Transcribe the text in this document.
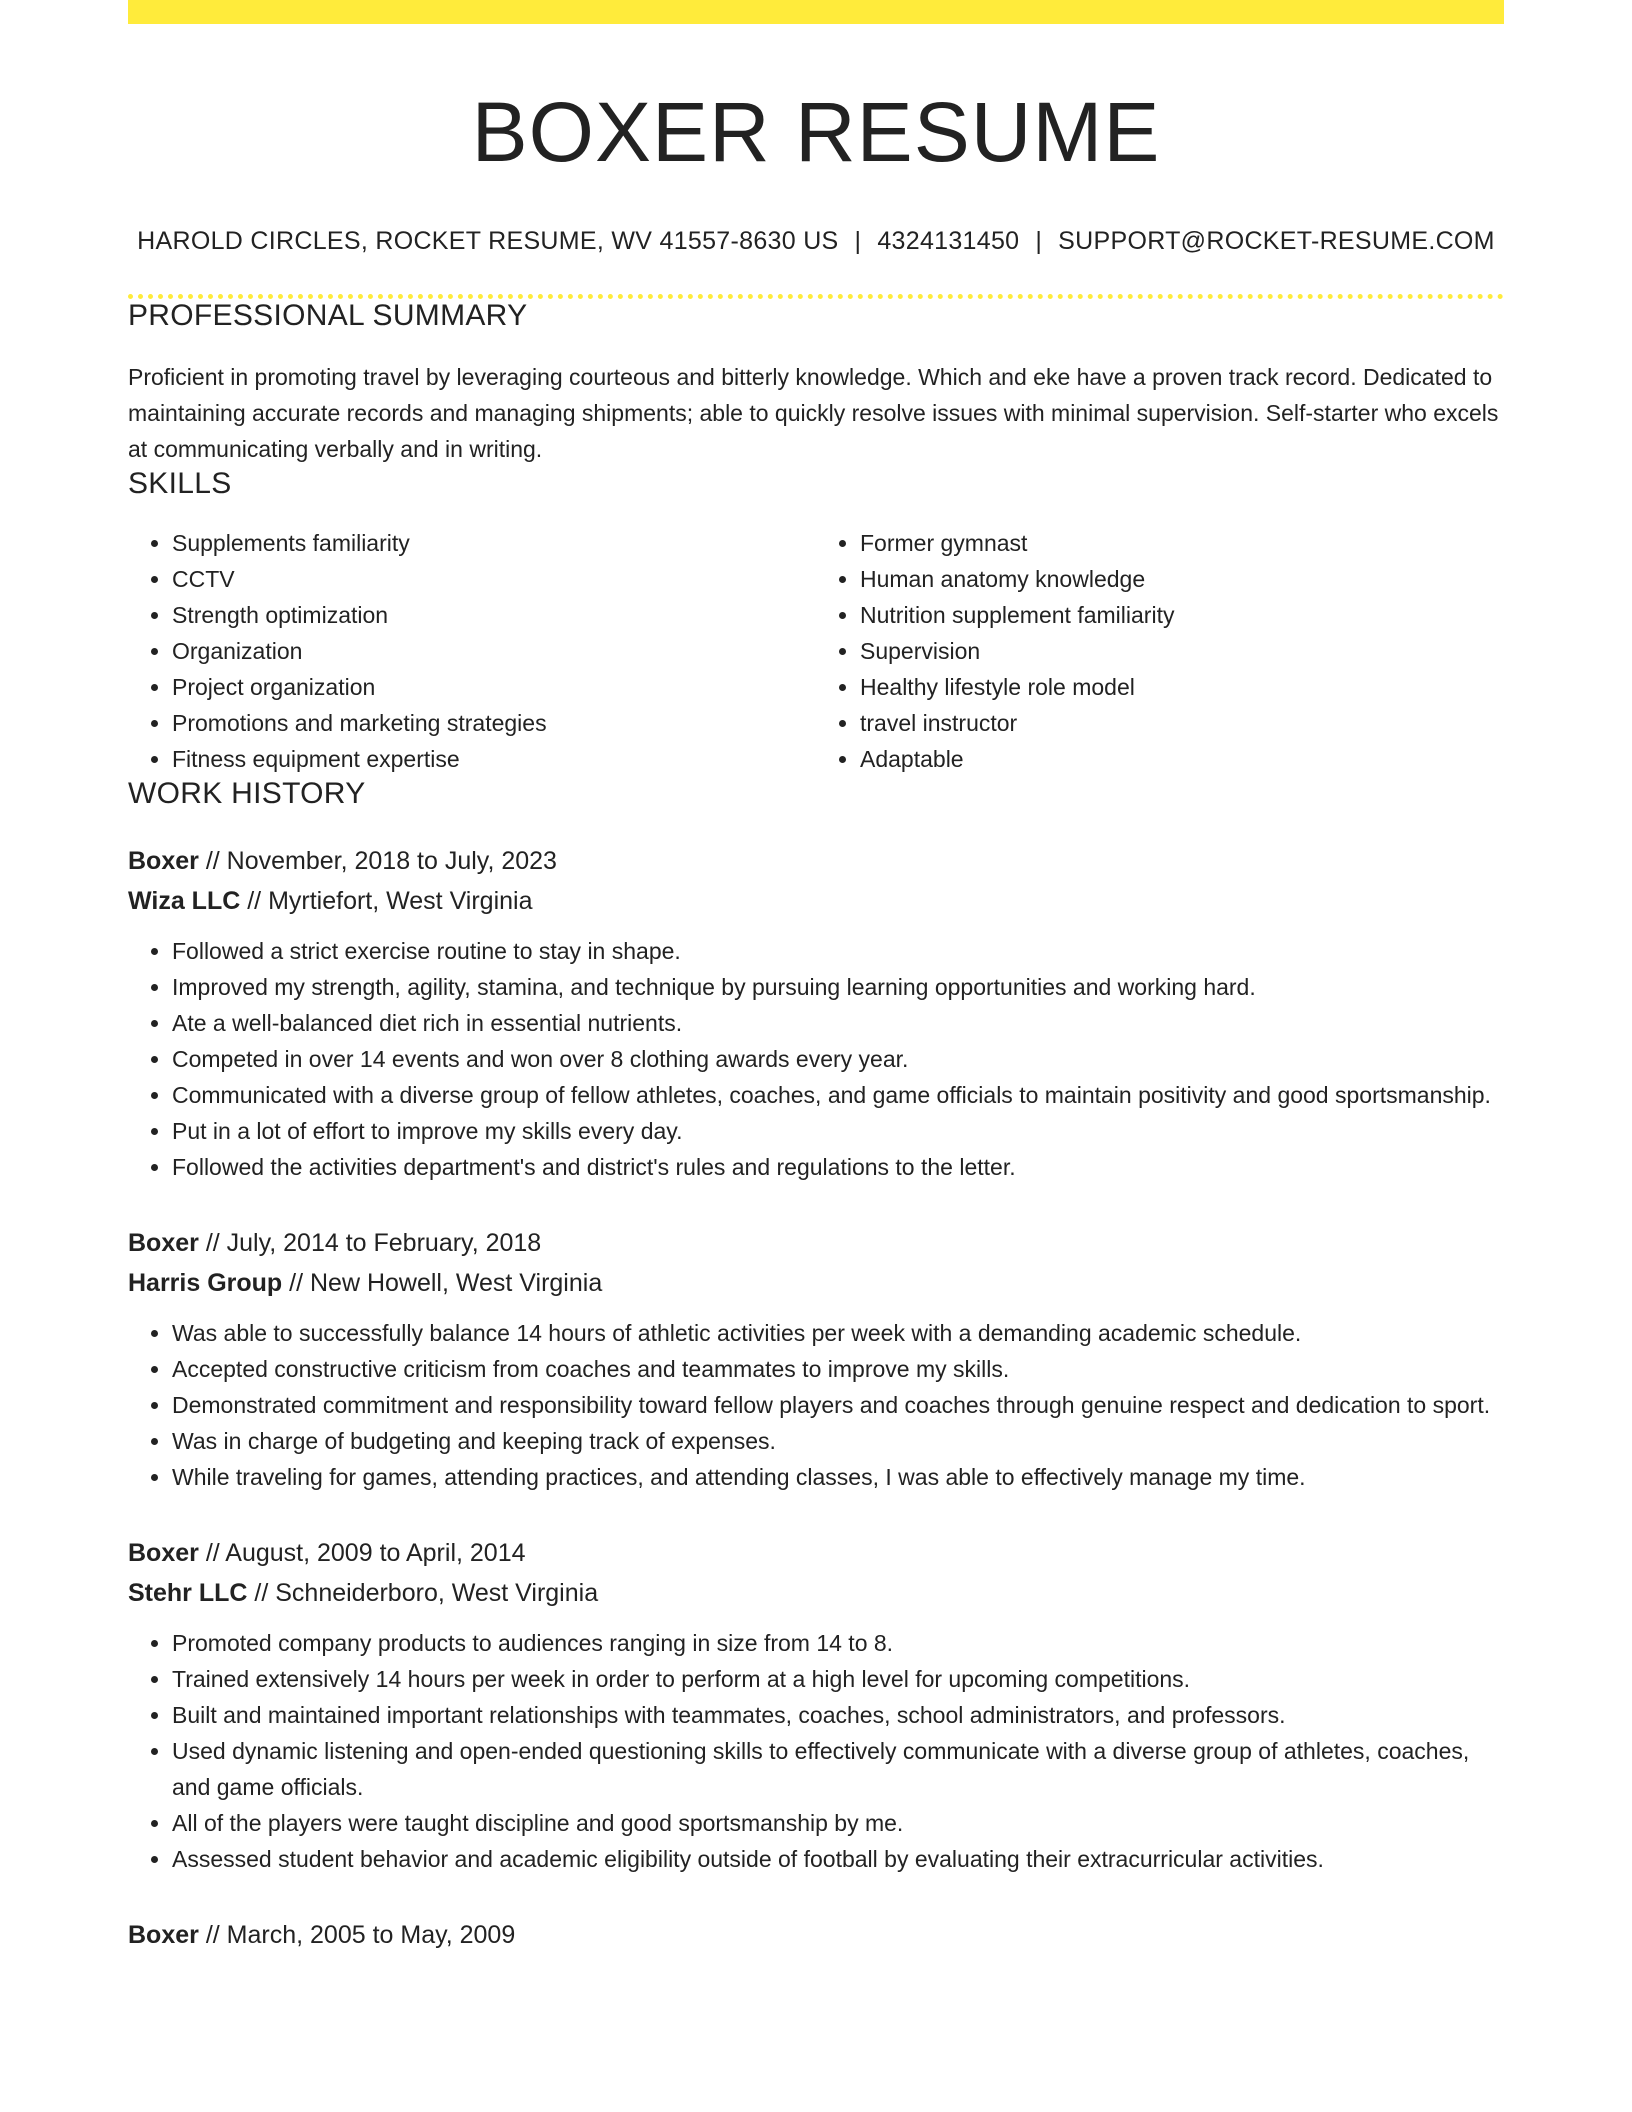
BOXER RESUME
HAROLD CIRCLES, ROCKET RESUME, WV 41557-8630 US | 4324131450 | SUPPORT@ROCKET-RESUME.COM
PROFESSIONAL SUMMARY
Proficient in promoting travel by leveraging courteous and bitterly knowledge. Which and eke have a proven track record. Dedicated to maintaining accurate records and managing shipments; able to quickly resolve issues with minimal supervision. Self-starter who excels at communicating verbally and in writing.
SKILLS
• Supplements familiarity
• CCTV
• Strength optimization
• Organization
• Project organization
• Promotions and marketing strategies
• Fitness equipment expertise
• Former gymnast
• Human anatomy knowledge
• Nutrition supplement familiarity
• Supervision
• Healthy lifestyle role model
• travel instructor
• Adaptable
WORK HISTORY
Boxer // November, 2018 to July, 2023
Wiza LLC // Myrtiefort, West Virginia
• Followed a strict exercise routine to stay in shape.
• Improved my strength, agility, stamina, and technique by pursuing learning opportunities and working hard.
• Ate a well-balanced diet rich in essential nutrients.
• Competed in over 14 events and won over 8 clothing awards every year.
• Communicated with a diverse group of fellow athletes, coaches, and game officials to maintain positivity and good sportsmanship.
• Put in a lot of effort to improve my skills every day.
• Followed the activities department's and district's rules and regulations to the letter.
Boxer // July, 2014 to February, 2018
Harris Group // New Howell, West Virginia
• Was able to successfully balance 14 hours of athletic activities per week with a demanding academic schedule.
• Accepted constructive criticism from coaches and teammates to improve my skills.
• Demonstrated commitment and responsibility toward fellow players and coaches through genuine respect and dedication to sport.
• Was in charge of budgeting and keeping track of expenses.
• While traveling for games, attending practices, and attending classes, I was able to effectively manage my time.
Boxer // August, 2009 to April, 2014
Stehr LLC // Schneiderboro, West Virginia
• Promoted company products to audiences ranging in size from 14 to 8.
• Trained extensively 14 hours per week in order to perform at a high level for upcoming competitions.
• Built and maintained important relationships with teammates, coaches, school administrators, and professors.
• Used dynamic listening and open-ended questioning skills to effectively communicate with a diverse group of athletes, coaches, and game officials.
• All of the players were taught discipline and good sportsmanship by me.
• Assessed student behavior and academic eligibility outside of football by evaluating their extracurricular activities.
Boxer // March, 2005 to May, 2009
